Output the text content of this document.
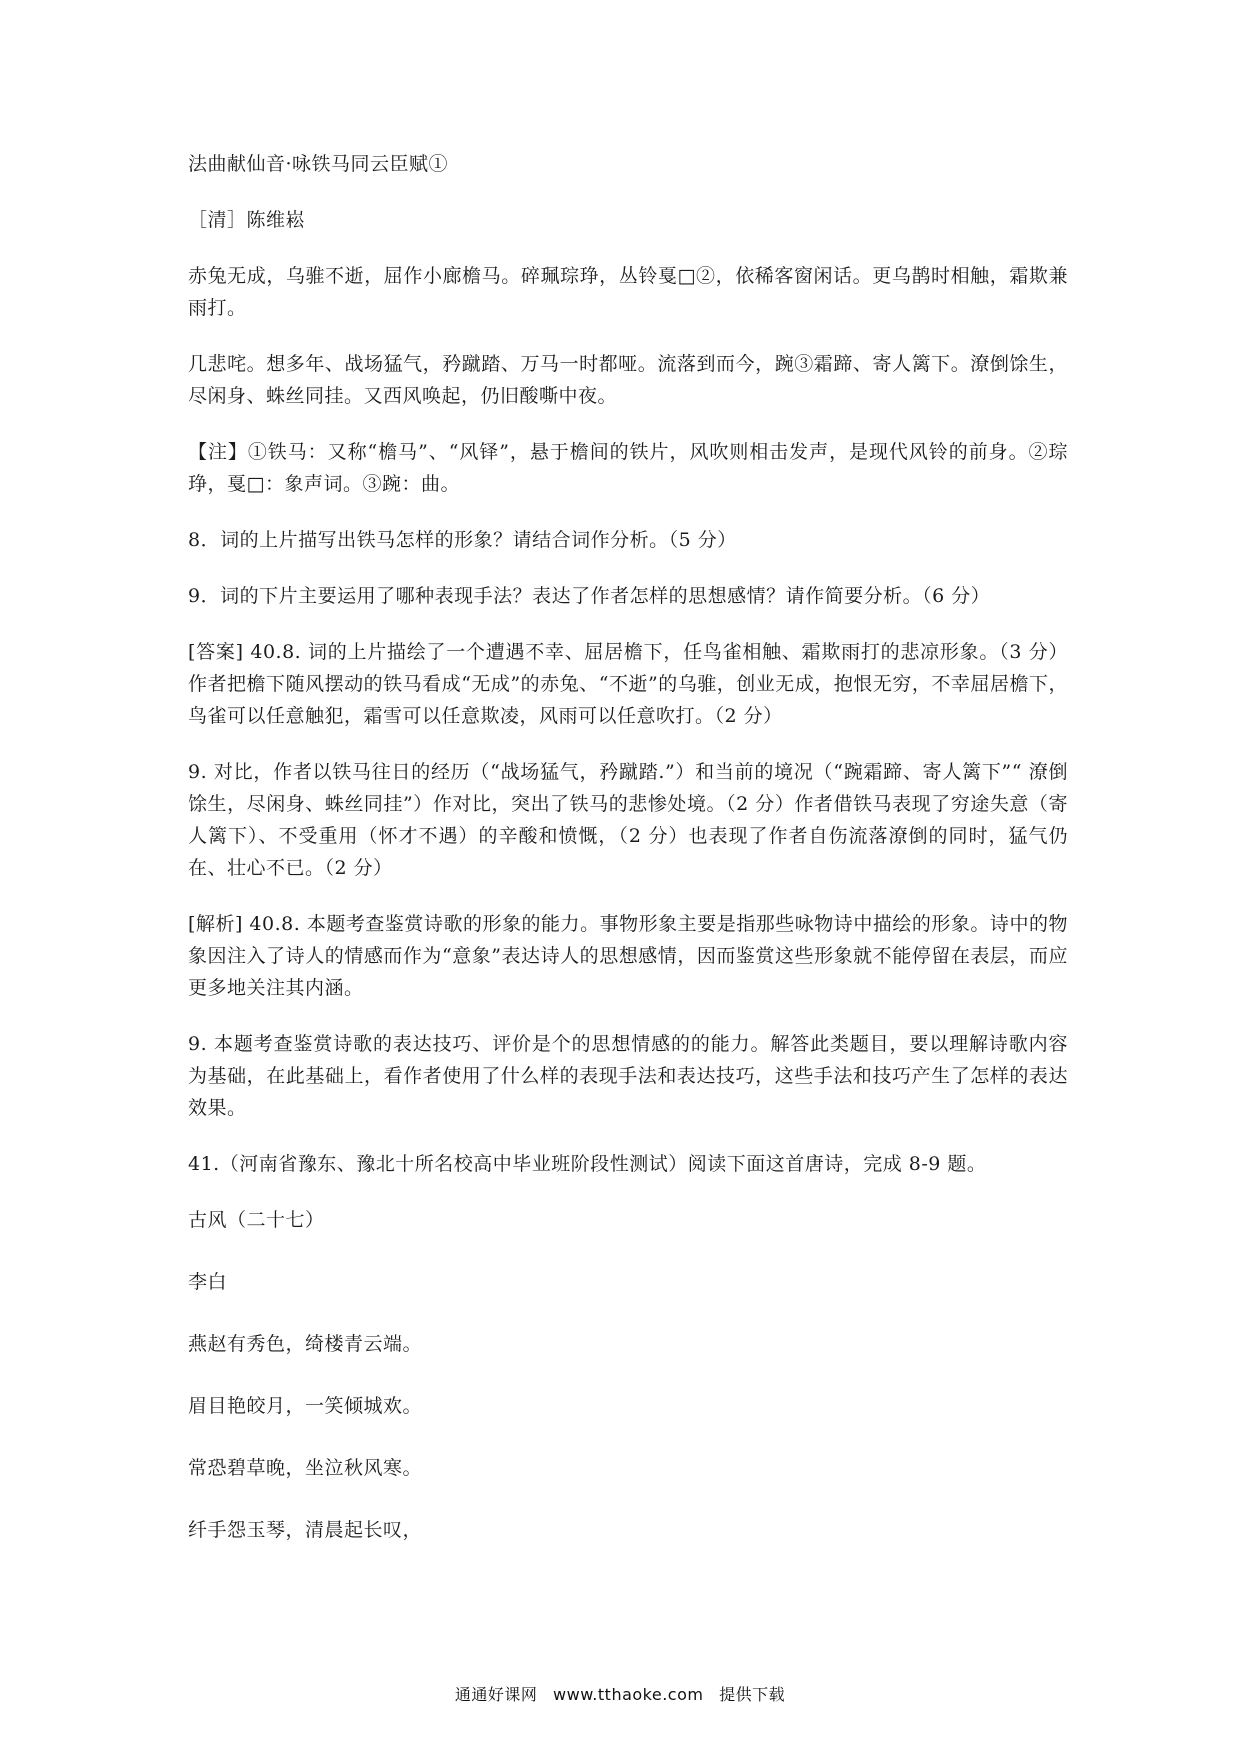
法曲献仙音·咏铁马同云臣赋①

［清］陈维崧

赤兔无成，乌骓不逝，屈作小廊檐马。碎珮琮琤，丛铃戛□②，依稀客窗闲话。更乌鹊时相触，霜欺兼雨打。

几悲咤。想多年、战场猛气，矜蹴踏、万马一时都哑。流落到而今，踠③霜蹄、寄人篱下。潦倒馀生，尽闲身、蛛丝同挂。又西风唤起，仍旧酸嘶中夜。

【注】①铁马：又称“檐马”、“风铎”，悬于檐间的铁片，风吹则相击发声，是现代风铃的前身。②琮琤，戛□：象声词。③踠：曲。

8．词的上片描写出铁马怎样的形象？请结合词作分析。（5 分）

9．词的下片主要运用了哪种表现手法？表达了作者怎样的思想感情？请作简要分析。（6 分）

[答案] 40.8. 词的上片描绘了一个遭遇不幸、屈居檐下，任鸟雀相触、霜欺雨打的悲凉形象。（3 分）作者把檐下随风摆动的铁马看成“无成”的赤兔、“不逝”的乌骓，创业无成，抱恨无穷，不幸屈居檐下，鸟雀可以任意触犯，霜雪可以任意欺凌，风雨可以任意吹打。（2 分）

9. 对比，作者以铁马往日的经历（“战场猛气，矜蹴踏.”）和当前的境况（“踠霜蹄、寄人篱下”“ 潦倒馀生，尽闲身、蛛丝同挂”）作对比，突出了铁马的悲惨处境。（2 分）作者借铁马表现了穷途失意（寄人篱下）、不受重用（怀才不遇）的辛酸和愤慨，（2 分）也表现了作者自伤流落潦倒的同时，猛气仍在、壮心不已。（2 分）

[解析] 40.8. 本题考查鉴赏诗歌的形象的能力。事物形象主要是指那些咏物诗中描绘的形象。诗中的物象因注入了诗人的情感而作为“意象”表达诗人的思想感情，因而鉴赏这些形象就不能停留在表层，而应更多地关注其内涵。

9. 本题考查鉴赏诗歌的表达技巧、评价是个的思想情感的的能力。解答此类题目，要以理解诗歌内容为基础，在此基础上，看作者使用了什么样的表现手法和表达技巧，这些手法和技巧产生了怎样的表达效果。

41.（河南省豫东、豫北十所名校高中毕业班阶段性测试）阅读下面这首唐诗，完成 8-9 题。

古风（二十七）

李白

燕赵有秀色，绮楼青云端。

眉目艳皎月，一笑倾城欢。

常恐碧草晚，坐泣秋风寒。

纤手怨玉琴，清晨起长叹，

通通好课网 www.tthaoke.com 提供下载
